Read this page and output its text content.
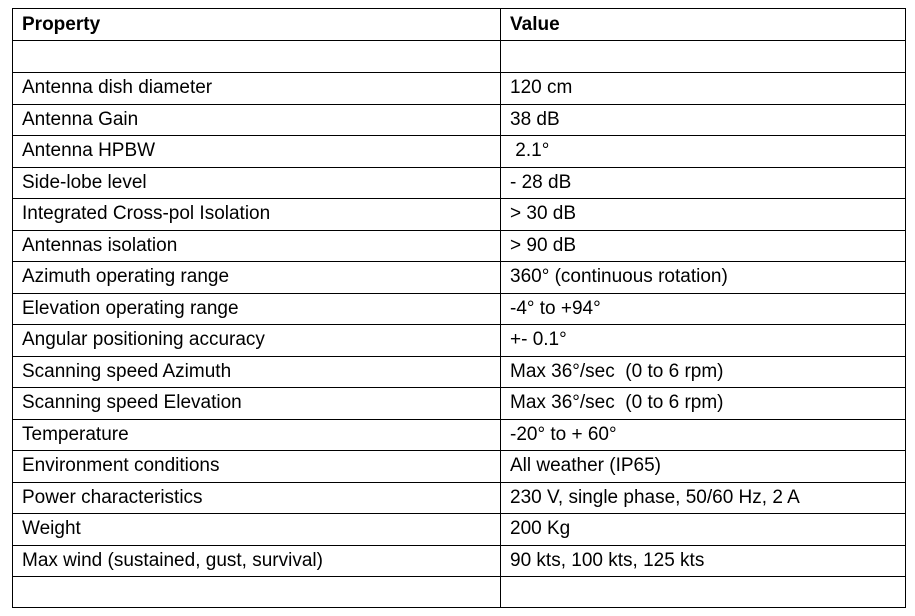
Property	Value

Antenna dish diameter	120 cm
Antenna Gain	38 dB
Antenna HPBW	2.1°
Side-lobe level	- 28 dB
Integrated Cross-pol Isolation	> 30 dB
Antennas isolation	> 90 dB
Azimuth operating range	360° (continuous rotation)
Elevation operating range	-4° to +94°
Angular positioning accuracy	+- 0.1°
Scanning speed Azimuth	Max 36°/sec  (0 to 6 rpm)
Scanning speed Elevation	Max 36°/sec  (0 to 6 rpm)
Temperature	-20° to + 60°
Environment conditions	All weather (IP65)
Power characteristics	230 V, single phase, 50/60 Hz, 2 A
Weight	200 Kg
Max wind (sustained, gust, survival)	90 kts, 100 kts, 125 kts
